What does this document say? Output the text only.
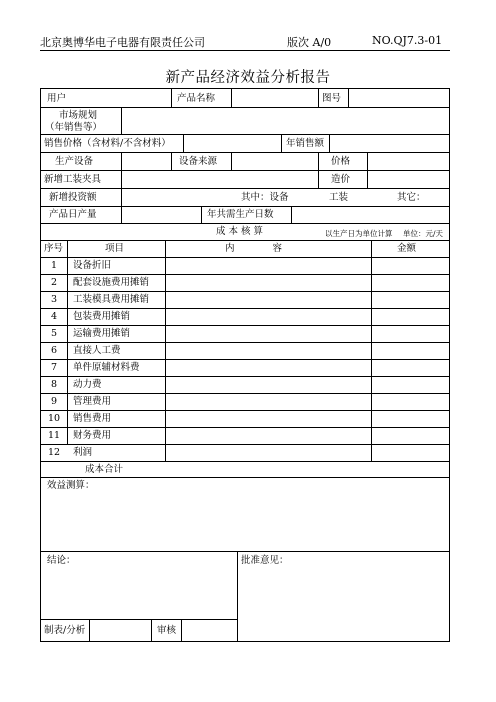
北京奥博华电子电器有限责任公司	版次 A/0	NO.QJ7.3-01
新产品经济效益分析报告
用户	产品名称	图号
市场规划
（年销售等）
销售价格（含材料/不含材料）	年销售额
生产设备	设备来源	价格
新增工装夹具	造价
新增投资额	其中：设备	工装	其它：
产品日产量	年共需生产日数
成 本 核 算	以生产日为单位计算 单位：元/天
序号	项目	内　　　　容	金额
1 设备折旧
2 配套设施费用摊销
3 工装模具费用摊销
4 包装费用摊销
5 运输费用摊销
6 直接人工费
7 单件原辅材料费
8 动力费
9 管理费用
10 销售费用
11 财务费用
12 利润
成本合计
效益测算：
结论：	批准意见：
制表/分析	审核
